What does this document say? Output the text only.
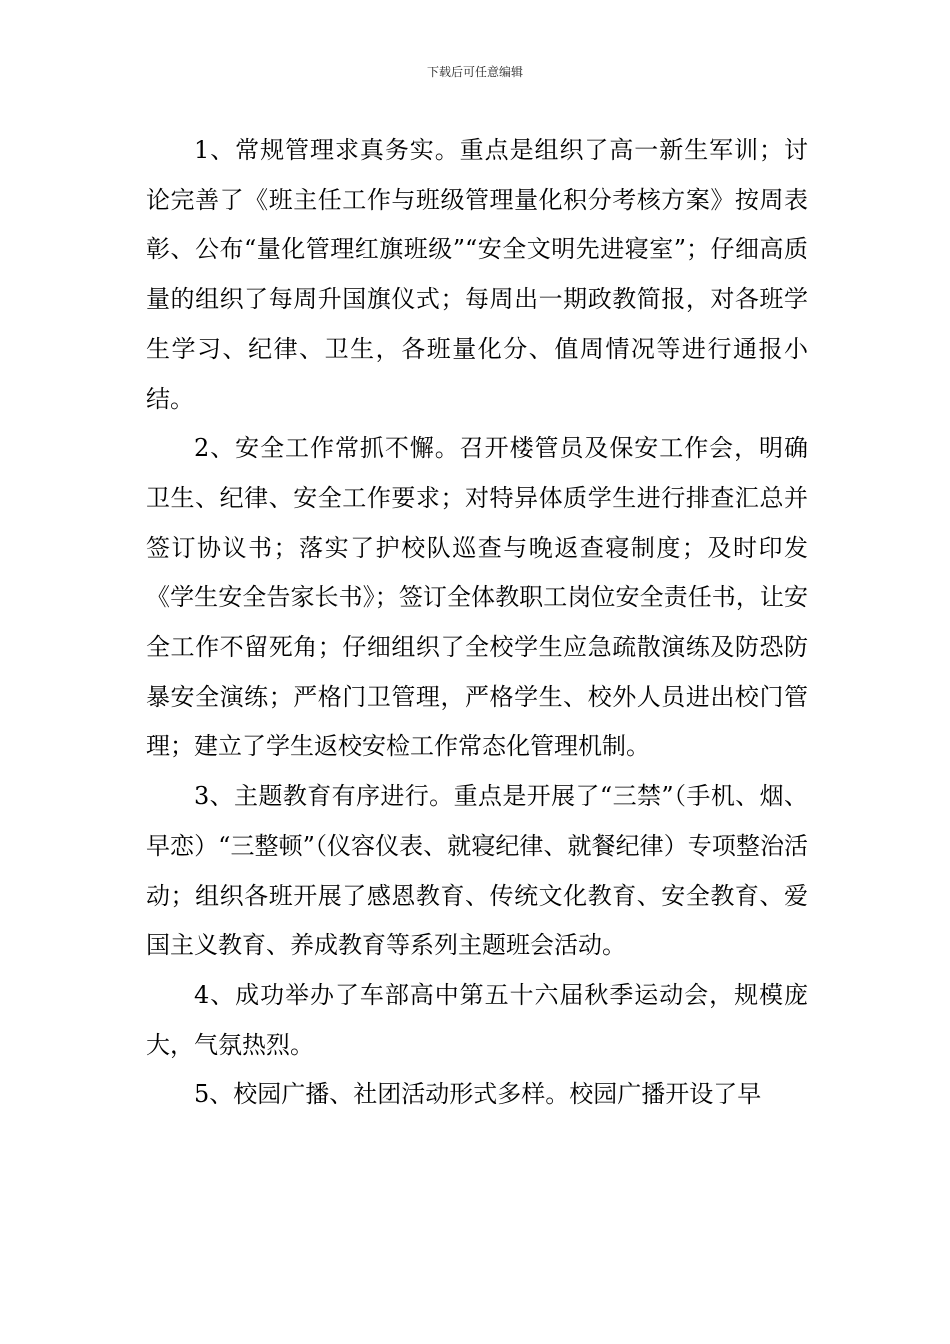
下载后可任意编辑

1、常规管理求真务实。重点是组织了高一新生军训；讨论完善了《班主任工作与班级管理量化积分考核方案》按周表彰、公布“量化管理红旗班级”“安全文明先进寝室”；仔细高质量的组织了每周升国旗仪式；每周出一期政教简报，对各班学生学习、纪律、卫生，各班量化分、值周情况等进行通报小结。

2、安全工作常抓不懈。召开楼管员及保安工作会，明确卫生、纪律、安全工作要求；对特异体质学生进行排查汇总并签订协议书；落实了护校队巡查与晚返查寝制度；及时印发《学生安全告家长书》；签订全体教职工岗位安全责任书，让安全工作不留死角；仔细组织了全校学生应急疏散演练及防恐防暴安全演练；严格门卫管理，严格学生、校外人员进出校门管理；建立了学生返校安检工作常态化管理机制。

3、主题教育有序进行。重点是开展了“三禁”（手机、烟、早恋）“三整顿”（仪容仪表、就寝纪律、就餐纪律）专项整治活动；组织各班开展了感恩教育、传统文化教育、安全教育、爱国主义教育、养成教育等系列主题班会活动。

4、成功举办了车部高中第五十六届秋季运动会，规模庞大，气氛热烈。

5、校园广播、社团活动形式多样。校园广播开设了早
